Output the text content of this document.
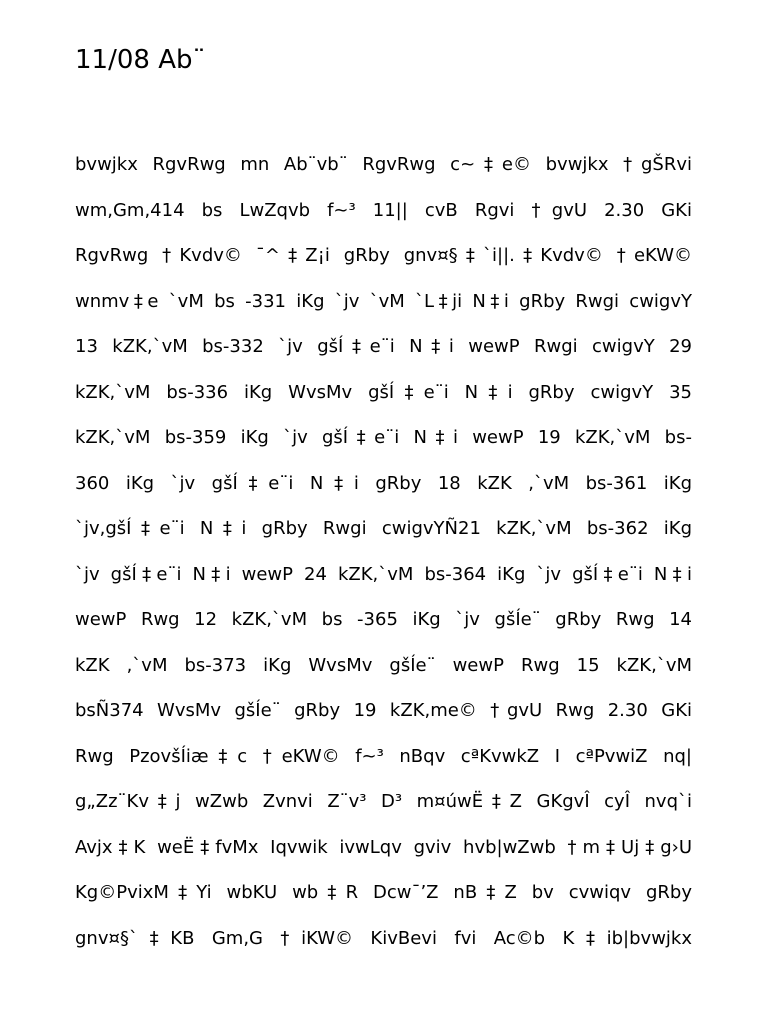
11/08 Ab¨
bvwjkx RgvRwg mn Ab¨vb¨ RgvRwg c~‡e© bvwjkx †gŠRvi
wm,Gm,414 bs LwZqvb f~³ 11|| cvB Rgvi †gvU 2.30 GKi
RgvRwg †Kvdv© ¯^‡Z¡i gRby gnv¤§‡`i||.‡Kvdv© †eKW©
wnmv‡e `vM bs -331 iKg `jv `vM `L‡ji N‡i gRby Rwgi cwigvY
13 kZK,`vM bs-332 `jv gšÍ‡e¨i N‡i wewP Rwgi cwigvY 29
kZK,`vM bs-336 iKg WvsMv gšÍ‡e¨i N‡i gRby cwigvY 35
kZK,`vM bs-359 iKg `jv gšÍ‡e¨i N‡i wewP 19 kZK,`vM bs-
360 iKg `jv gšÍ‡e¨i N‡i gRby 18 kZK ,`vM bs-361 iKg
`jv,gšÍ‡e¨i N‡i gRby Rwgi cwigvYÑ21 kZK,`vM bs-362 iKg
`jv gšÍ‡e¨i N‡i wewP 24 kZK,`vM bs-364 iKg `jv gšÍ‡e¨i N‡i
wewP Rwg 12 kZK,`vM bs -365 iKg `jv gšÍe¨ gRby Rwg 14
kZK ,`vM bs-373 iKg WvsMv gšÍe¨ wewP Rwg 15 kZK,`vM
bsÑ374 WvsMv gšÍe¨ gRby 19 kZK,me© †gvU Rwg 2.30 GKi
Rwg PzovšÍiæ‡c †eKW© f~³ nBqv cªKvwkZ I cªPvwiZ nq|
g„Zz¨Kv‡j wZwb Zvnvi Z¨v³ D³ m¤úwË‡Z GKgvÎ cyÎ nvq`i
Avjx‡K weË‡fvMx Iqvwik ivwLqv gviv hvb|wZwb †m‡Uj‡g›U
Kg©PvixM‡Yi wbKU wb‡R Dcw¯’Z nB‡Z bv cvwiqv gRby
gnv¤§`‡KB Gm,G †iKW© KivBevi fvi Ac©b K‡ib|bvwjkx
